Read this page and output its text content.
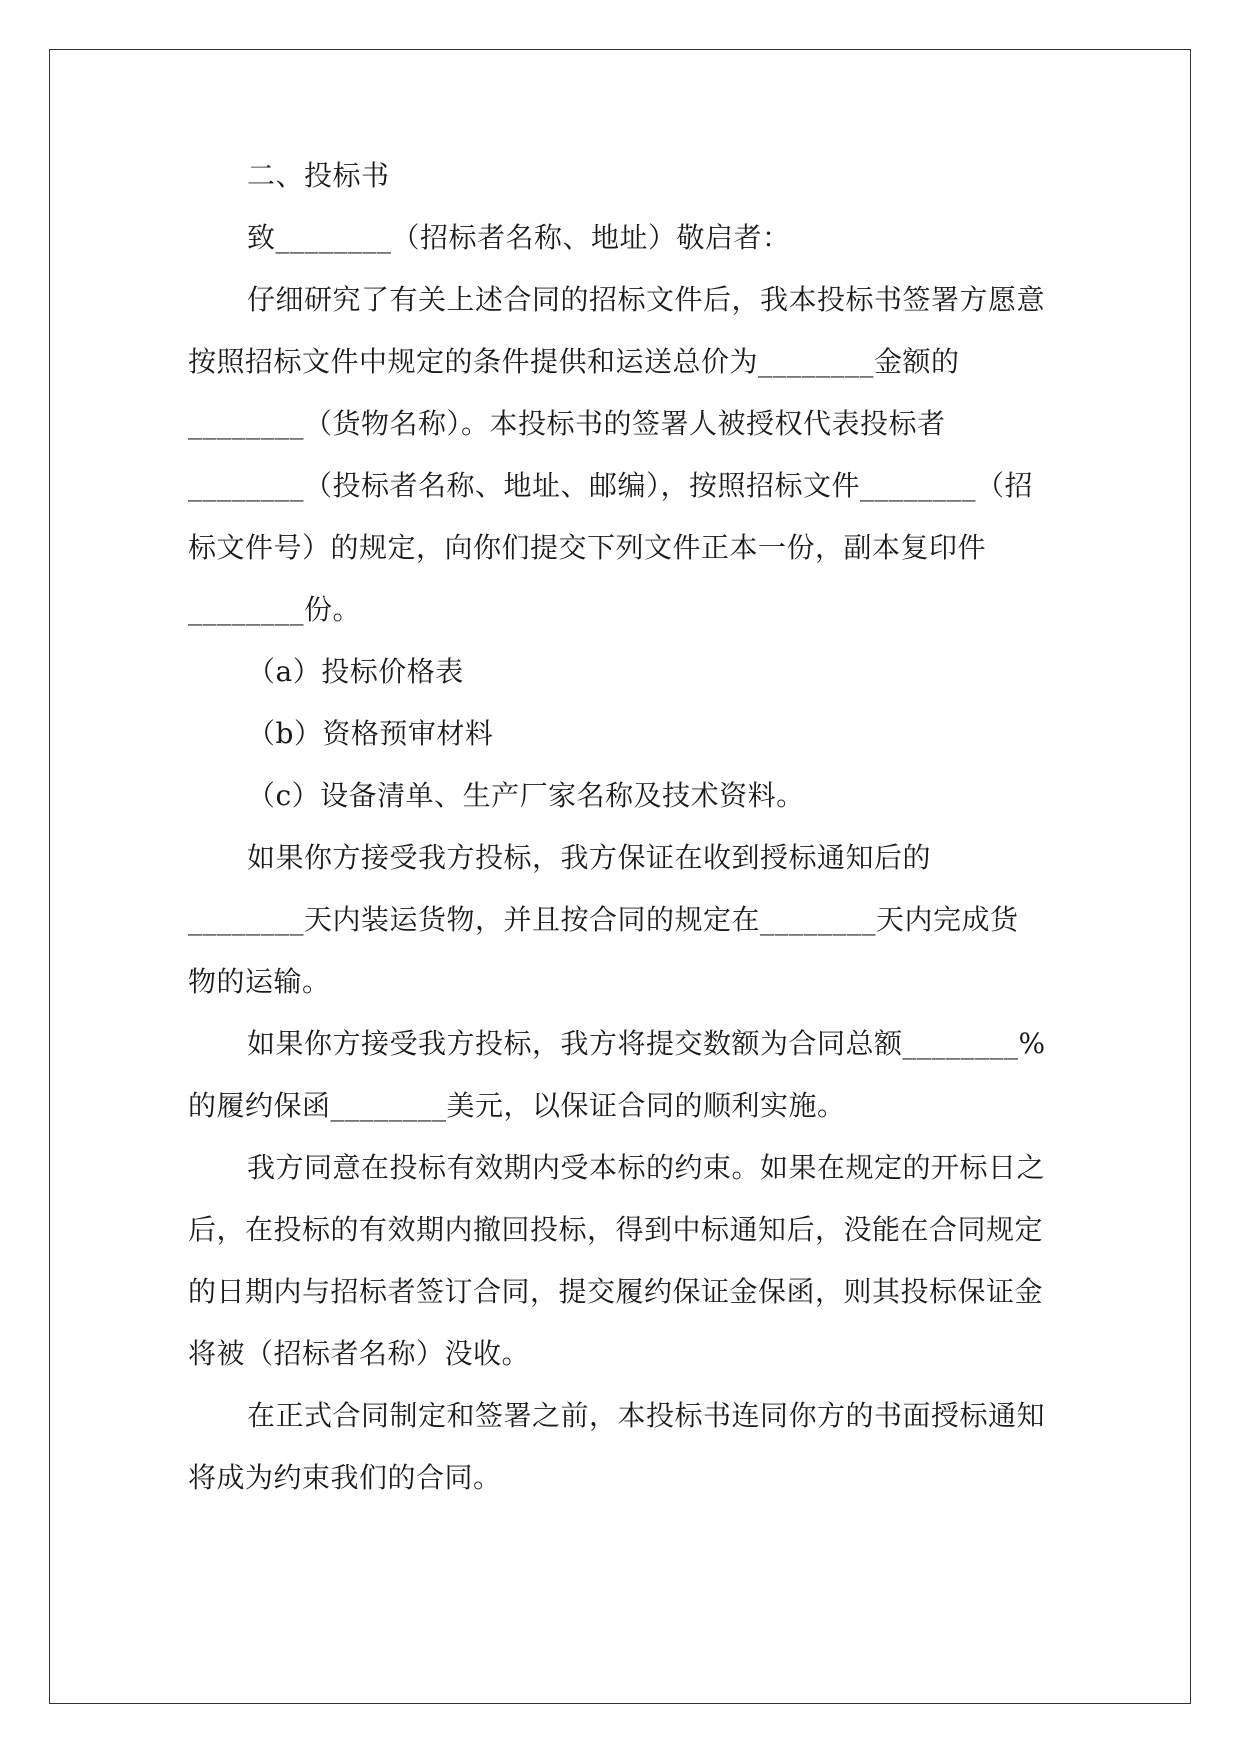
二、投标书
致________（招标者名称、地址）敬启者：
仔细研究了有关上述合同的招标文件后，我本投标书签署方愿意
按照招标文件中规定的条件提供和运送总价为________金额的
________（货物名称）。本投标书的签署人被授权代表投标者
________（投标者名称、地址、邮编），按照招标文件________（招
标文件号）的规定，向你们提交下列文件正本一份，副本复印件
________份。
（a）投标价格表
（b）资格预审材料
（c）设备清单、生产厂家名称及技术资料。
如果你方接受我方投标，我方保证在收到授标通知后的
________天内装运货物，并且按合同的规定在________天内完成货
物的运输。
如果你方接受我方投标，我方将提交数额为合同总额________%
的履约保函________美元，以保证合同的顺利实施。
我方同意在投标有效期内受本标的约束。如果在规定的开标日之
后，在投标的有效期内撤回投标，得到中标通知后，没能在合同规定
的日期内与招标者签订合同，提交履约保证金保函，则其投标保证金
将被（招标者名称）没收。
在正式合同制定和签署之前，本投标书连同你方的书面授标通知
将成为约束我们的合同。
